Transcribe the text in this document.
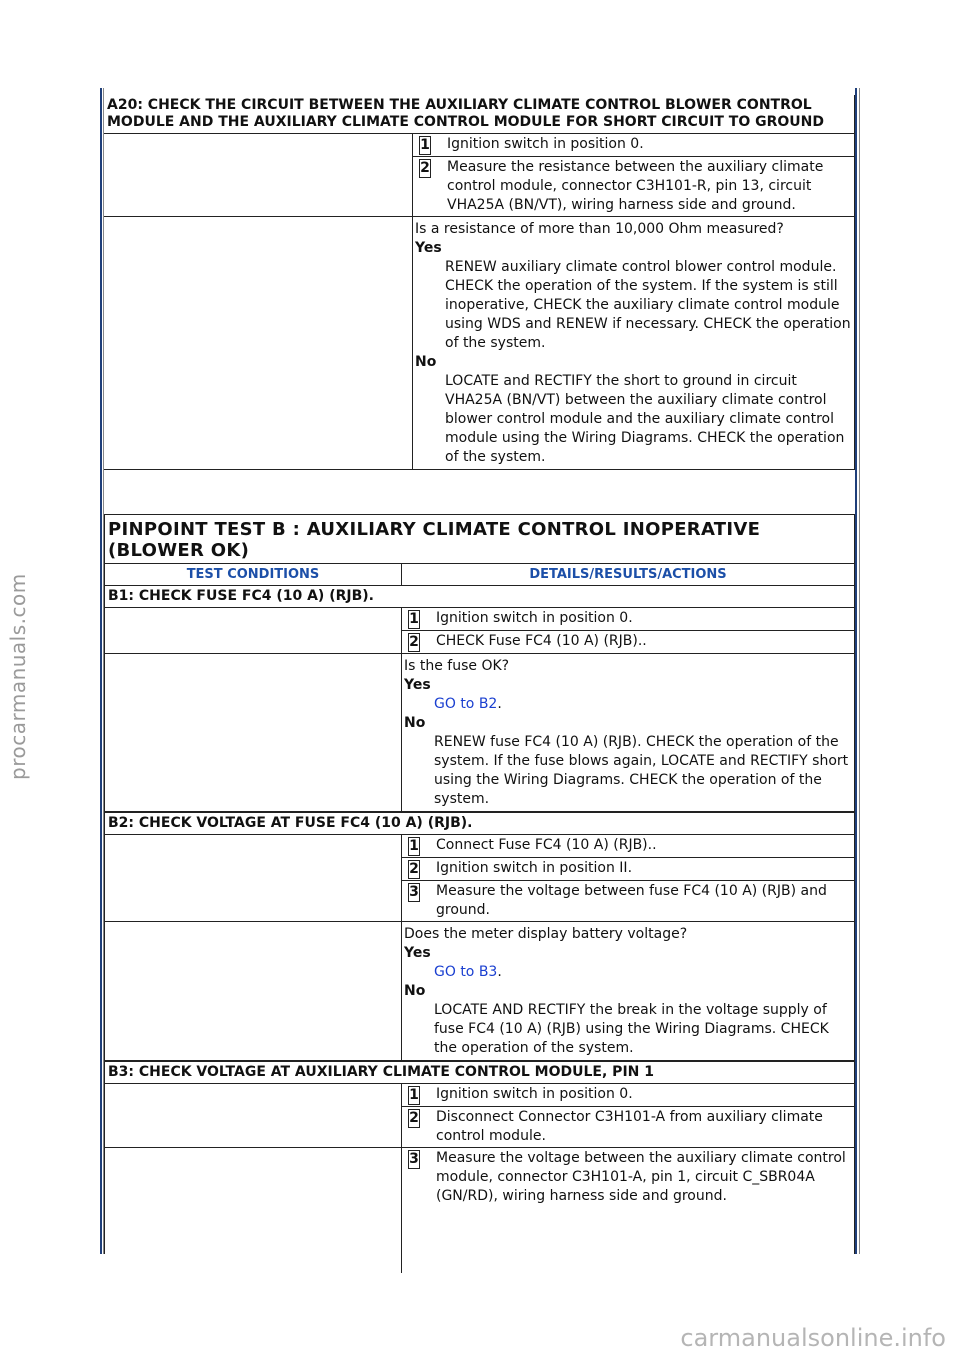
procarmanuals.com
A20: CHECK THE CIRCUIT BETWEEN THE AUXILIARY CLIMATE CONTROL BLOWER CONTROL MODULE AND THE AUXILIARY CLIMATE CONTROL MODULE FOR SHORT CIRCUIT TO GROUND
1	Ignition switch in position 0.
2	Measure the resistance between the auxiliary climate control module, connector C3H101-R, pin 13, circuit VHA25A (BN/VT), wiring harness side and ground.
Is a resistance of more than 10,000 Ohm measured?
Yes
RENEW auxiliary climate control blower control module. CHECK the operation of the system. If the system is still inoperative, CHECK the auxiliary climate control module using WDS and RENEW if necessary. CHECK the operation of the system.
No
LOCATE and RECTIFY the short to ground in circuit VHA25A (BN/VT) between the auxiliary climate control blower control module and the auxiliary climate control module using the Wiring Diagrams. CHECK the operation of the system.
PINPOINT TEST B : AUXILIARY CLIMATE CONTROL INOPERATIVE (BLOWER OK)
TEST CONDITIONS	DETAILS/RESULTS/ACTIONS
B1: CHECK FUSE FC4 (10 A) (RJB).
1	Ignition switch in position 0.
2	CHECK Fuse FC4 (10 A) (RJB)..
Is the fuse OK?
Yes
GO to B2.
No
RENEW fuse FC4 (10 A) (RJB). CHECK the operation of the system. If the fuse blows again, LOCATE and RECTIFY short using the Wiring Diagrams. CHECK the operation of the system.
B2: CHECK VOLTAGE AT FUSE FC4 (10 A) (RJB).
1	Connect Fuse FC4 (10 A) (RJB)..
2	Ignition switch in position II.
3	Measure the voltage between fuse FC4 (10 A) (RJB) and ground.
Does the meter display battery voltage?
Yes
GO to B3.
No
LOCATE AND RECTIFY the break in the voltage supply of fuse FC4 (10 A) (RJB) using the Wiring Diagrams. CHECK the operation of the system.
B3: CHECK VOLTAGE AT AUXILIARY CLIMATE CONTROL MODULE, PIN 1
1	Ignition switch in position 0.
2	Disconnect Connector C3H101-A from auxiliary climate control module.
3	Measure the voltage between the auxiliary climate control module, connector C3H101-A, pin 1, circuit C_SBR04A (GN/RD), wiring harness side and ground.
carmanualsonline.info
